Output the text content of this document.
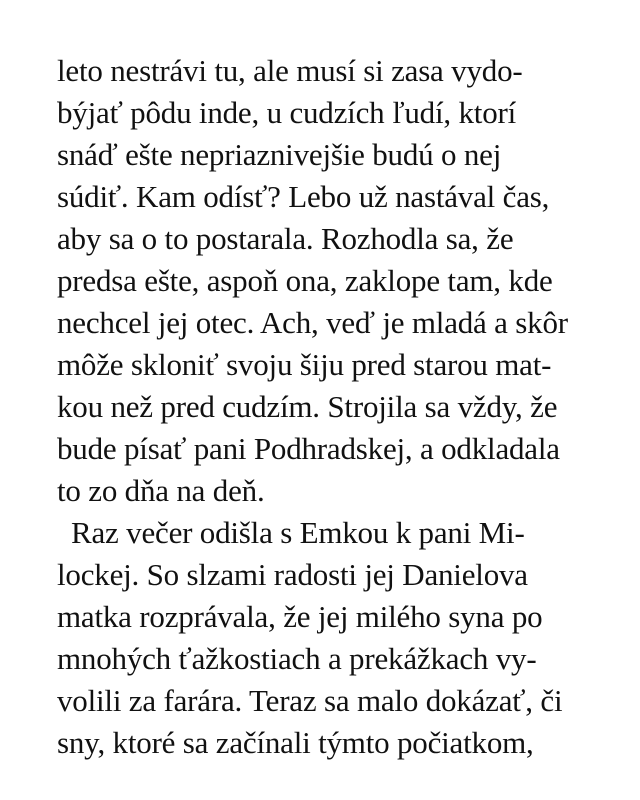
leto nestrávi tu, ale musí si zasa vydo-
býjať pôdu inde, u cudzích ľudí, ktorí
snáď ešte nepriaznivejšie budú o nej
súdiť. Kam odísť? Lebo už nastával čas,
aby sa o to postarala. Rozhodla sa, že
predsa ešte, aspoň ona, zaklope tam, kde
nechcel jej otec. Ach, veď je mladá a skôr
môže skloniť svoju šiju pred starou mat-
kou než pred cudzím. Strojila sa vždy, že
bude písať pani Podhradskej, a odkladala
to zo dňa na deň.
Raz večer odišla s Emkou k pani Mi-
lockej. So slzami radosti jej Danielova
matka rozprávala, že jej milého syna po
mnohých ťažkostiach a prekážkach vy-
volili za farára. Teraz sa malo dokázať, či
sny, ktoré sa začínali týmto počiatkom,
